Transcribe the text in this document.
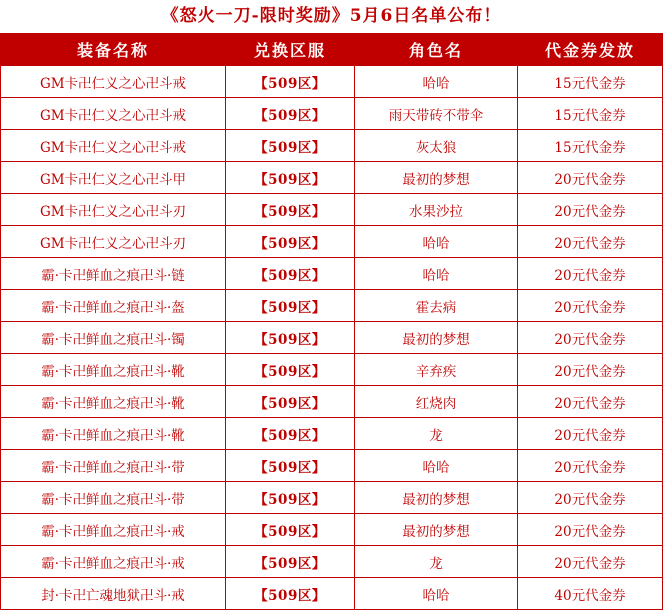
《怒火一刀-限时奖励》5月6日名单公布！
装备名称	兑换区服	角色名	代金券发放
GM卡卍仁义之心卍斗戒	【509区】	哈哈	15元代金券
GM卡卍仁义之心卍斗戒	【509区】	雨天带砖不带伞	15元代金券
GM卡卍仁义之心卍斗戒	【509区】	灰太狼	15元代金券
GM卡卍仁义之心卍斗甲	【509区】	最初的梦想	20元代金券
GM卡卍仁义之心卍斗刃	【509区】	水果沙拉	20元代金券
GM卡卍仁义之心卍斗刃	【509区】	哈哈	20元代金券
霸·卡卍鲜血之痕卍斗·链	【509区】	哈哈	20元代金券
霸·卡卍鲜血之痕卍斗·盔	【509区】	霍去病	20元代金券
霸·卡卍鲜血之痕卍斗·镯	【509区】	最初的梦想	20元代金券
霸·卡卍鲜血之痕卍斗·靴	【509区】	辛弃疾	20元代金券
霸·卡卍鲜血之痕卍斗·靴	【509区】	红烧肉	20元代金券
霸·卡卍鲜血之痕卍斗·靴	【509区】	龙	20元代金券
霸·卡卍鲜血之痕卍斗·带	【509区】	哈哈	20元代金券
霸·卡卍鲜血之痕卍斗·带	【509区】	最初的梦想	20元代金券
霸·卡卍鲜血之痕卍斗·戒	【509区】	最初的梦想	20元代金券
霸·卡卍鲜血之痕卍斗·戒	【509区】	龙	20元代金券
封·卡卍亡魂地狱卍斗·戒	【509区】	哈哈	40元代金券
